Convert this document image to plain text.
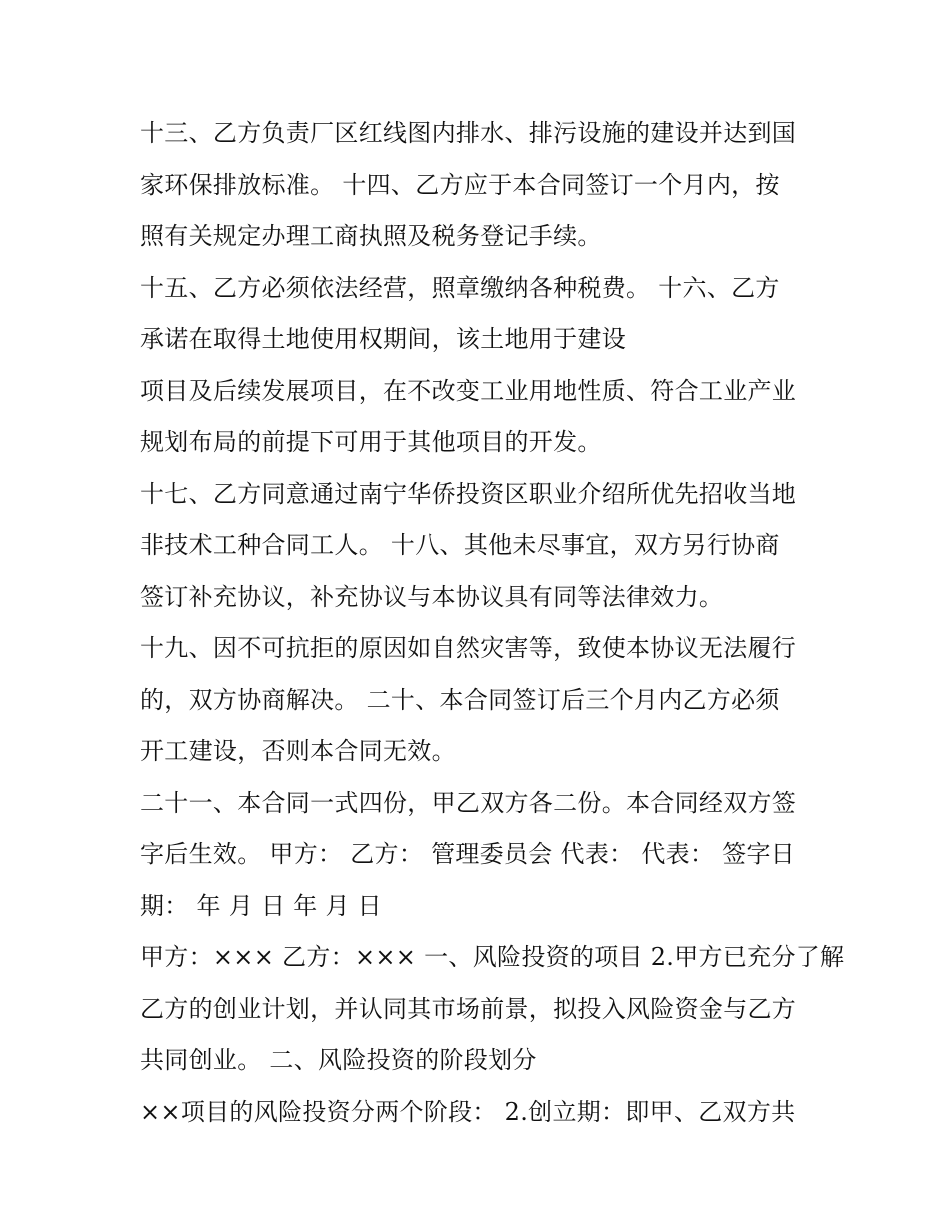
十三、乙方负责厂区红线图内排水、排污设施的建设并达到国
家环保排放标准。 十四、乙方应于本合同签订一个月内，按
照有关规定办理工商执照及税务登记手续。
十五、乙方必须依法经营，照章缴纳各种税费。 十六、乙方
承诺在取得土地使用权期间，该土地用于建设
项目及后续发展项目，在不改变工业用地性质、符合工业产业
规划布局的前提下可用于其他项目的开发。
十七、乙方同意通过南宁华侨投资区职业介绍所优先招收当地
非技术工种合同工人。 十八、其他未尽事宜，双方另行协商
签订补充协议，补充协议与本协议具有同等法律效力。
十九、因不可抗拒的原因如自然灾害等，致使本协议无法履行
的，双方协商解决。 二十、本合同签订后三个月内乙方必须
开工建设，否则本合同无效。
二十一、本合同一式四份，甲乙双方各二份。本合同经双方签
字后生效。 甲方： 乙方： 管理委员会 代表： 代表： 签字日
期： 年 月 日 年 月 日
甲方：××× 乙方：××× 一、风险投资的项目 2.甲方已充分了解
乙方的创业计划，并认同其市场前景，拟投入风险资金与乙方
共同创业。 二、风险投资的阶段划分
××项目的风险投资分两个阶段： 2.创立期：即甲、乙双方共
